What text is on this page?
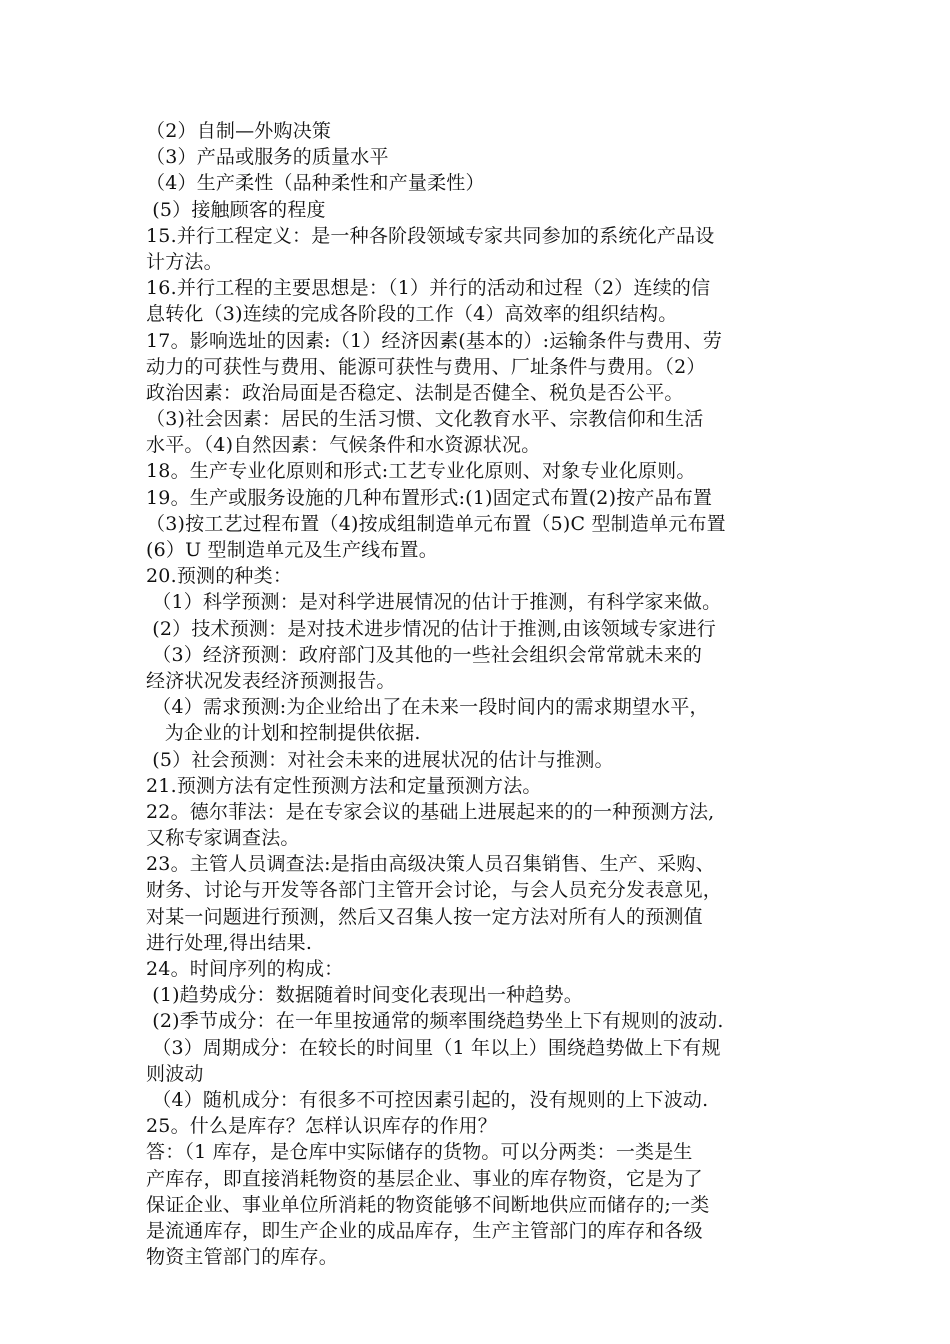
（2）自制—外购决策
（3）产品或服务的质量水平
（4）生产柔性（品种柔性和产量柔性）
(5）接触顾客的程度
15.并行工程定义：是一种各阶段领域专家共同参加的系统化产品设
计方法。
16.并行工程的主要思想是：（1）并行的活动和过程（2）连续的信
息转化（3)连续的完成各阶段的工作（4）高效率的组织结构。
17。影响选址的因素:（1）经济因素(基本的）:运输条件与费用、劳
动力的可获性与费用、能源可获性与费用、厂址条件与费用。（2）
政治因素：政治局面是否稳定、法制是否健全、税负是否公平。
（3)社会因素：居民的生活习惯、文化教育水平、宗教信仰和生活
水平。（4)自然因素：气候条件和水资源状况。
18。生产专业化原则和形式:工艺专业化原则、对象专业化原则。
19。生产或服务设施的几种布置形式:(1)固定式布置(2)按产品布置
（3)按工艺过程布置（4)按成组制造单元布置（5)C 型制造单元布置
(6）U 型制造单元及生产线布置。
20.预测的种类：
（1）科学预测：是对科学进展情况的估计于推测，有科学家来做。
(2）技术预测：是对技术进步情况的估计于推测,由该领域专家进行
（3）经济预测：政府部门及其他的一些社会组织会常常就未来的
经济状况发表经济预测报告。
（4）需求预测:为企业给出了在未来一段时间内的需求期望水平，
为企业的计划和控制提供依据.
(5）社会预测：对社会未来的进展状况的估计与推测。
21.预测方法有定性预测方法和定量预测方法。
22。德尔菲法：是在专家会议的基础上进展起来的的一种预测方法,
又称专家调查法。
23。主管人员调查法:是指由高级决策人员召集销售、生产、采购、
财务、讨论与开发等各部门主管开会讨论，与会人员充分发表意见，
对某一问题进行预测，然后又召集人按一定方法对所有人的预测值
进行处理,得出结果.
24。时间序列的构成：
(1)趋势成分：数据随着时间变化表现出一种趋势。
(2)季节成分：在一年里按通常的频率围绕趋势坐上下有规则的波动.
（3）周期成分：在较长的时间里（1 年以上）围绕趋势做上下有规
则波动
（4）随机成分：有很多不可控因素引起的，没有规则的上下波动.
25。什么是库存？怎样认识库存的作用？
答：（1 库存，是仓库中实际储存的货物。可以分两类：一类是生
产库存，即直接消耗物资的基层企业、事业的库存物资，它是为了
保证企业、事业单位所消耗的物资能够不间断地供应而储存的;一类
是流通库存，即生产企业的成品库存，生产主管部门的库存和各级
物资主管部门的库存。
